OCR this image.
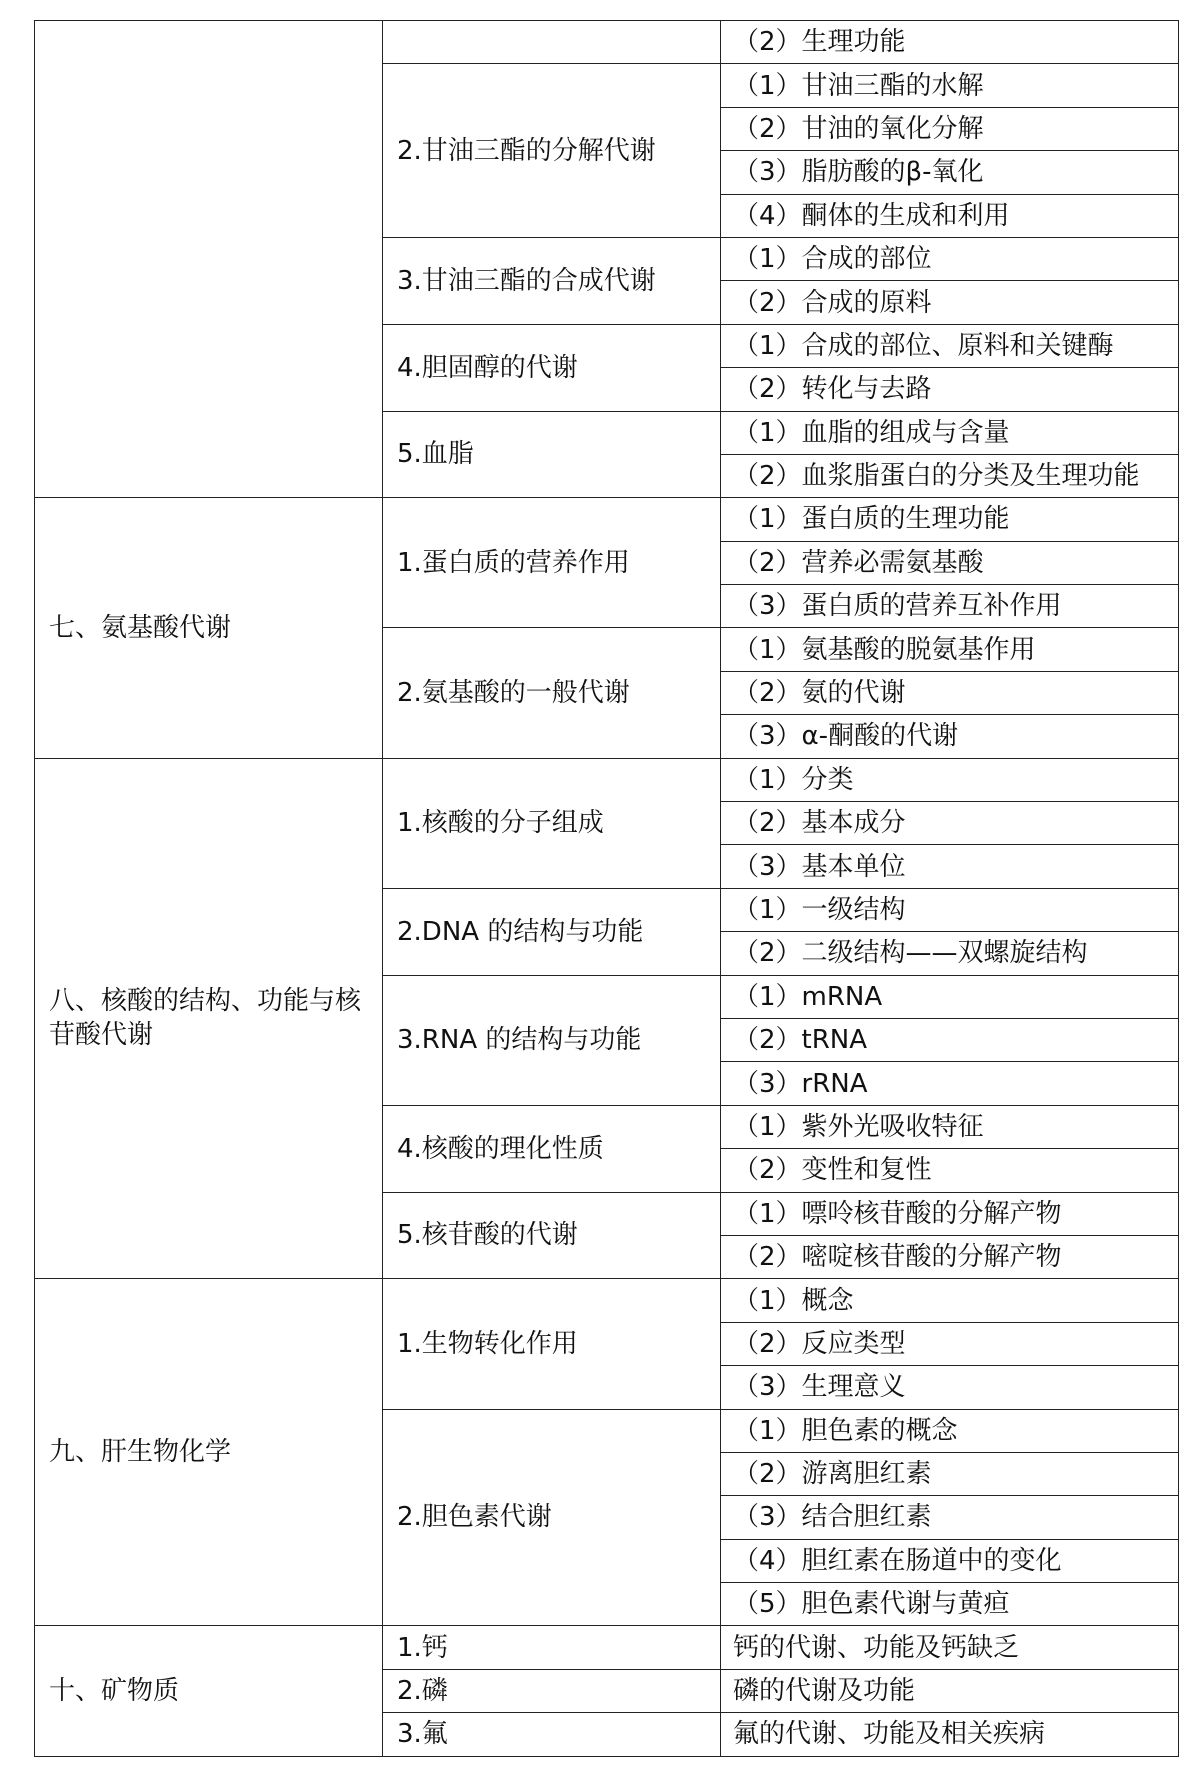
		（2）生理功能
	2.甘油三酯的分解代谢	（1）甘油三酯的水解
		（2）甘油的氧化分解
		（3）脂肪酸的β-氧化
		（4）酮体的生成和利用
	3.甘油三酯的合成代谢	（1）合成的部位
		（2）合成的原料
	4.胆固醇的代谢	（1）合成的部位、原料和关键酶
		（2）转化与去路
	5.血脂	（1）血脂的组成与含量
		（2）血浆脂蛋白的分类及生理功能
七、氨基酸代谢	1.蛋白质的营养作用	（1）蛋白质的生理功能
		（2）营养必需氨基酸
		（3）蛋白质的营养互补作用
	2.氨基酸的一般代谢	（1）氨基酸的脱氨基作用
		（2）氨的代谢
		（3）α-酮酸的代谢
八、核酸的结构、功能与核苷酸代谢	1.核酸的分子组成	（1）分类
		（2）基本成分
		（3）基本单位
	2.DNA 的结构与功能	（1）一级结构
		（2）二级结构——双螺旋结构
	3.RNA 的结构与功能	（1）mRNA
		（2）tRNA
		（3）rRNA
	4.核酸的理化性质	（1）紫外光吸收特征
		（2）变性和复性
	5.核苷酸的代谢	（1）嘌呤核苷酸的分解产物
		（2）嘧啶核苷酸的分解产物
九、肝生物化学	1.生物转化作用	（1）概念
		（2）反应类型
		（3）生理意义
	2.胆色素代谢	（1）胆色素的概念
		（2）游离胆红素
		（3）结合胆红素
		（4）胆红素在肠道中的变化
		（5）胆色素代谢与黄疸
十、矿物质	1.钙	钙的代谢、功能及钙缺乏
	2.磷	磷的代谢及功能
	3.氟	氟的代谢、功能及相关疾病
